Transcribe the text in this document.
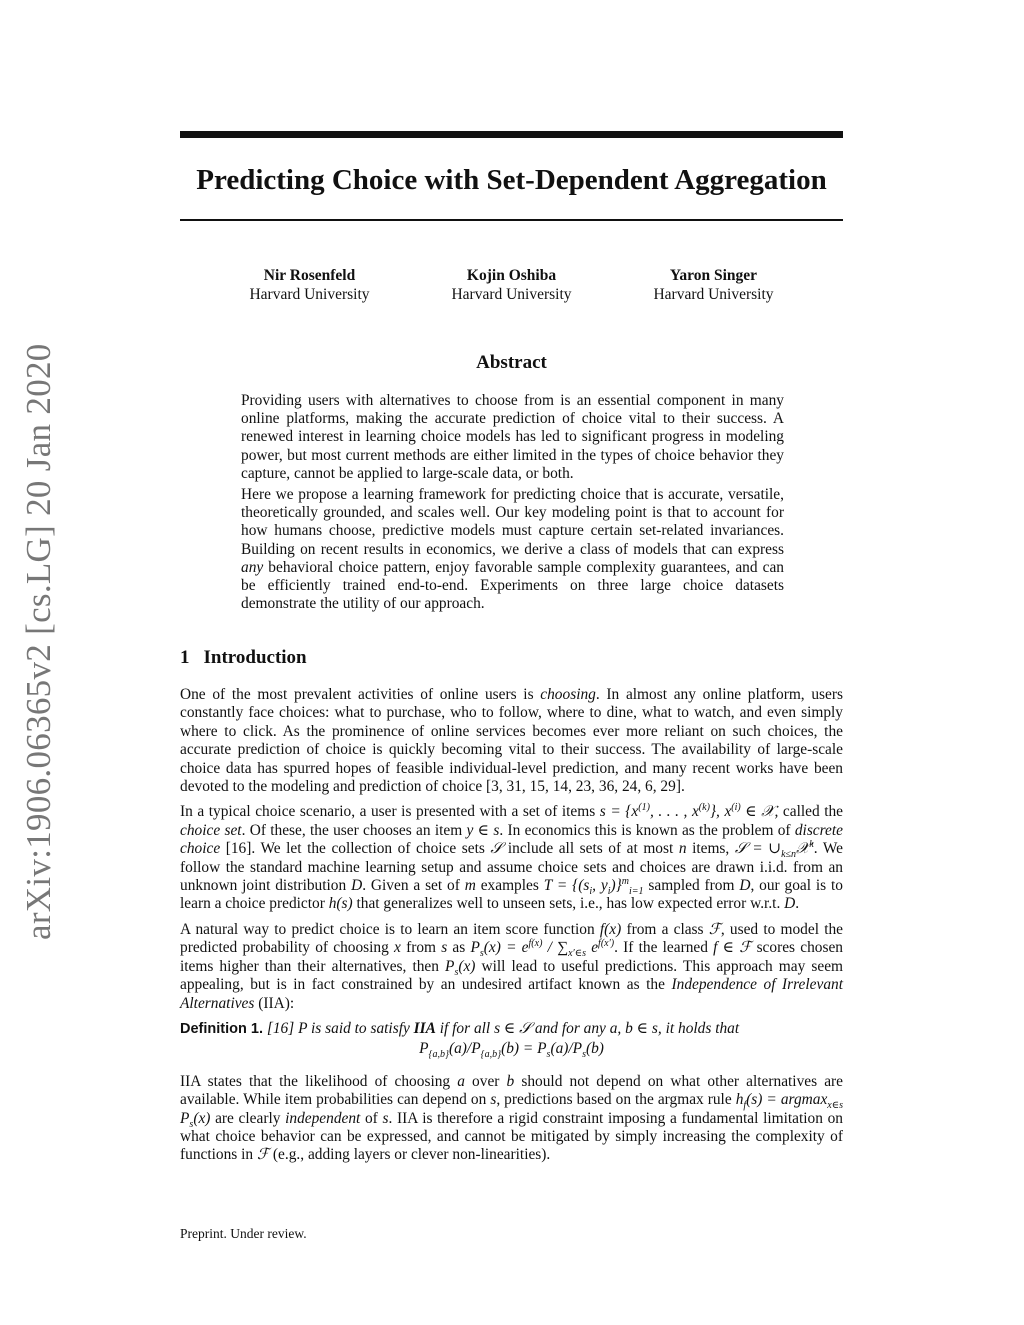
Predicting Choice with Set-Dependent Aggregation
Nir Rosenfeld
Harvard University
Kojin Oshiba
Harvard University
Yaron Singer
Harvard University
arXiv:1906.06365v2 [cs.LG] 20 Jan 2020	Abstract

Providing users with alternatives to choose from is an essential component in many online platforms, making the accurate prediction of choice vital to their success. A renewed interest in learning choice models has led to significant progress in modeling power, but most current methods are either limited in the types of choice behavior they capture, cannot be applied to large-scale data, or both.

Here we propose a learning framework for predicting choice that is accurate, versatile, theoretically grounded, and scales well. Our key modeling point is that to account for how humans choose, predictive models must capture certain set-related invariances. Building on recent results in economics, we derive a class of models that can express any behavioral choice pattern, enjoy favorable sample complexity guarantees, and can be efficiently trained end-to-end. Experiments on three large choice datasets demonstrate the utility of our approach.

1 Introduction

One of the most prevalent activities of online users is choosing. In almost any online platform, users constantly face choices: what to purchase, who to follow, where to dine, what to watch, and even simply where to click. As the prominence of online services becomes ever more reliant on such choices, the accurate prediction of choice is quickly becoming vital to their success. The availability of large-scale choice data has spurred hopes of feasible individual-level prediction, and many recent works have been devoted to the modeling and prediction of choice [3, 31, 15, 14, 23, 36, 24, 6, 29].

In a typical choice scenario, a user is presented with a set of items $s = \{x^{(1)}$, . . . , $x^{(k)}$}, $x^{(i)}$ ∈ 𝒳, called the choice set. Of these, the user chooses an item y ∈ s. In economics this is known as the problem of discrete choice [16]. We let the collection of choice sets 𝒮 include all sets of at most n items, 𝒮 = $\cup_{k\le n}𝒳^k$. We follow the standard machine learning setup and assume choice sets and choices are drawn i.i.d. from an unknown joint distribution D. Given a set of m examples $T = \{(s_i$, $y_i)\}^m_{i=1}$ sampled from D, our goal is to learn a choice predictor h(s) that generalizes well to unseen sets, i.e., has low expected error w.r.t. D.

A natural way to predict choice is to learn an item score function f(x) from a class ℱ, used to model the predicted probability of choosing x from s as $P_s(x) = e^{f(x)} / \sum_{x'\in s}$ $e^{f(x')}$. If the learned f ∈ ℱ scores chosen items higher than their alternatives, then $P_s(x)$ will lead to useful predictions. This approach may seem appealing, but is in fact constrained by an undesired artifact known as the Independence of Irrelevant Alternatives (IIA):

Definition 1. [16] P is said to satisfy IIA if for all s ∈ 𝒮 and for any a, b ∈ s, it holds that

$P_{\{a,b\}}(a)/P_{\{a,b\}}(b) = P_s(a)/P_s(b)$

IIA states that the likelihood of choosing a over b should not depend on what other alternatives are available. While item probabilities can depend on s, predictions based on the argmax rule $h_f(s) = argmax_{x\in s}$ $P_s(x)$ are clearly independent of s. IIA is therefore a rigid constraint imposing a fundamental limitation on what choice behavior can be expressed, and cannot be mitigated by simply increasing the complexity of functions in ℱ (e.g., adding layers or clever non-linearities).

Preprint. Under review.
